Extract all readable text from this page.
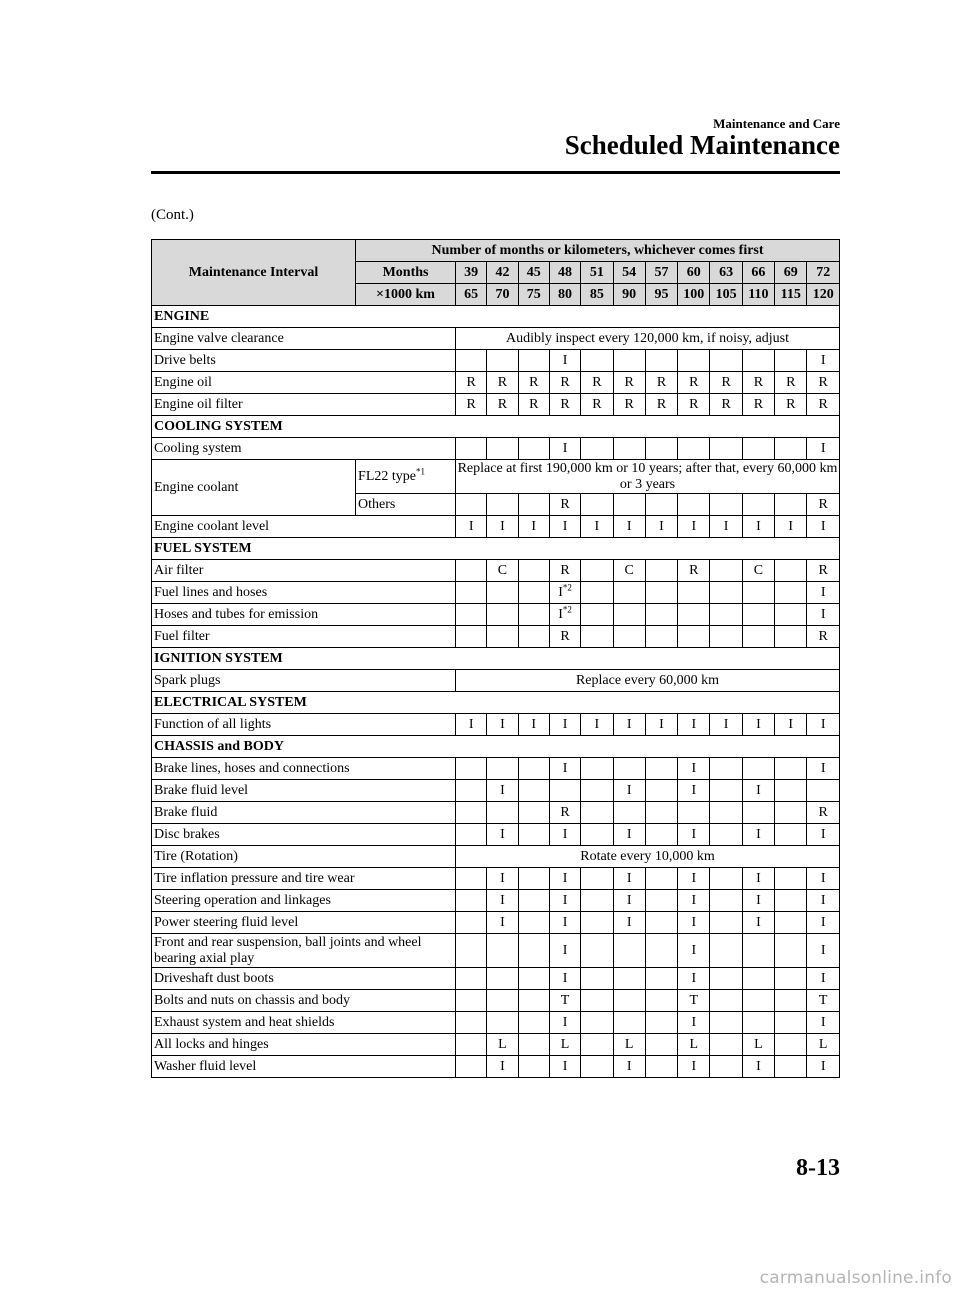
Maintenance and Care
Scheduled Maintenance
(Cont.)
Maintenance Interval	Number of months or kilometers, whichever comes first												
	Months	39	42	45	48	51	54	57	60	63	66	69	72
	×1000 km	65	70	75	80	85	90	95	100	105	110	115	120
ENGINE													
Engine valve clearance		Audibly inspect every 120,000 km, if noisy, adjust											
Drive belts					I								I
Engine oil		R	R	R	R	R	R	R	R	R	R	R	R
Engine oil filter		R	R	R	R	R	R	R	R	R	R	R	R
COOLING SYSTEM													
Cooling system					I								I
Engine coolant	FL22 type$^{*1}$	Replace at first 190,000 km or 10 years; after that, every 60,000 km or 3 years											
	Others				R								R
Engine coolant level		I	I	I	I	I	I	I	I	I	I	I	I
FUEL SYSTEM													
Air filter			C		R		C		R		C		R
Fuel lines and hoses					$I^{*2}$								I
Hoses and tubes for emission					$I^{*2}$								I
Fuel filter					R								R
IGNITION SYSTEM													
Spark plugs		Replace every 60,000 km											
ELECTRICAL SYSTEM													
Function of all lights		I	I	I	I	I	I	I	I	I	I	I	I
CHASSIS and BODY													
Brake lines, hoses and connections					I				I				I
Brake fluid level			I				I		I		I		
Brake fluid					R								R
Disc brakes			I		I		I		I		I		I
Tire (Rotation)		Rotate every 10,000 km											
Tire inflation pressure and tire wear			I		I		I		I		I		I
Steering operation and linkages			I		I		I		I		I		I
Power steering fluid level			I		I		I		I		I		I
Front and rear suspension, ball joints and wheel bearing axial play					I				I				I
Driveshaft dust boots					I				I				I
Bolts and nuts on chassis and body					T				T				T
Exhaust system and heat shields					I				I				I
All locks and hinges			L		L		L		L		L		L
Washer fluid level			I		I		I		I		I		I
8-13
carmanualsonline.info
